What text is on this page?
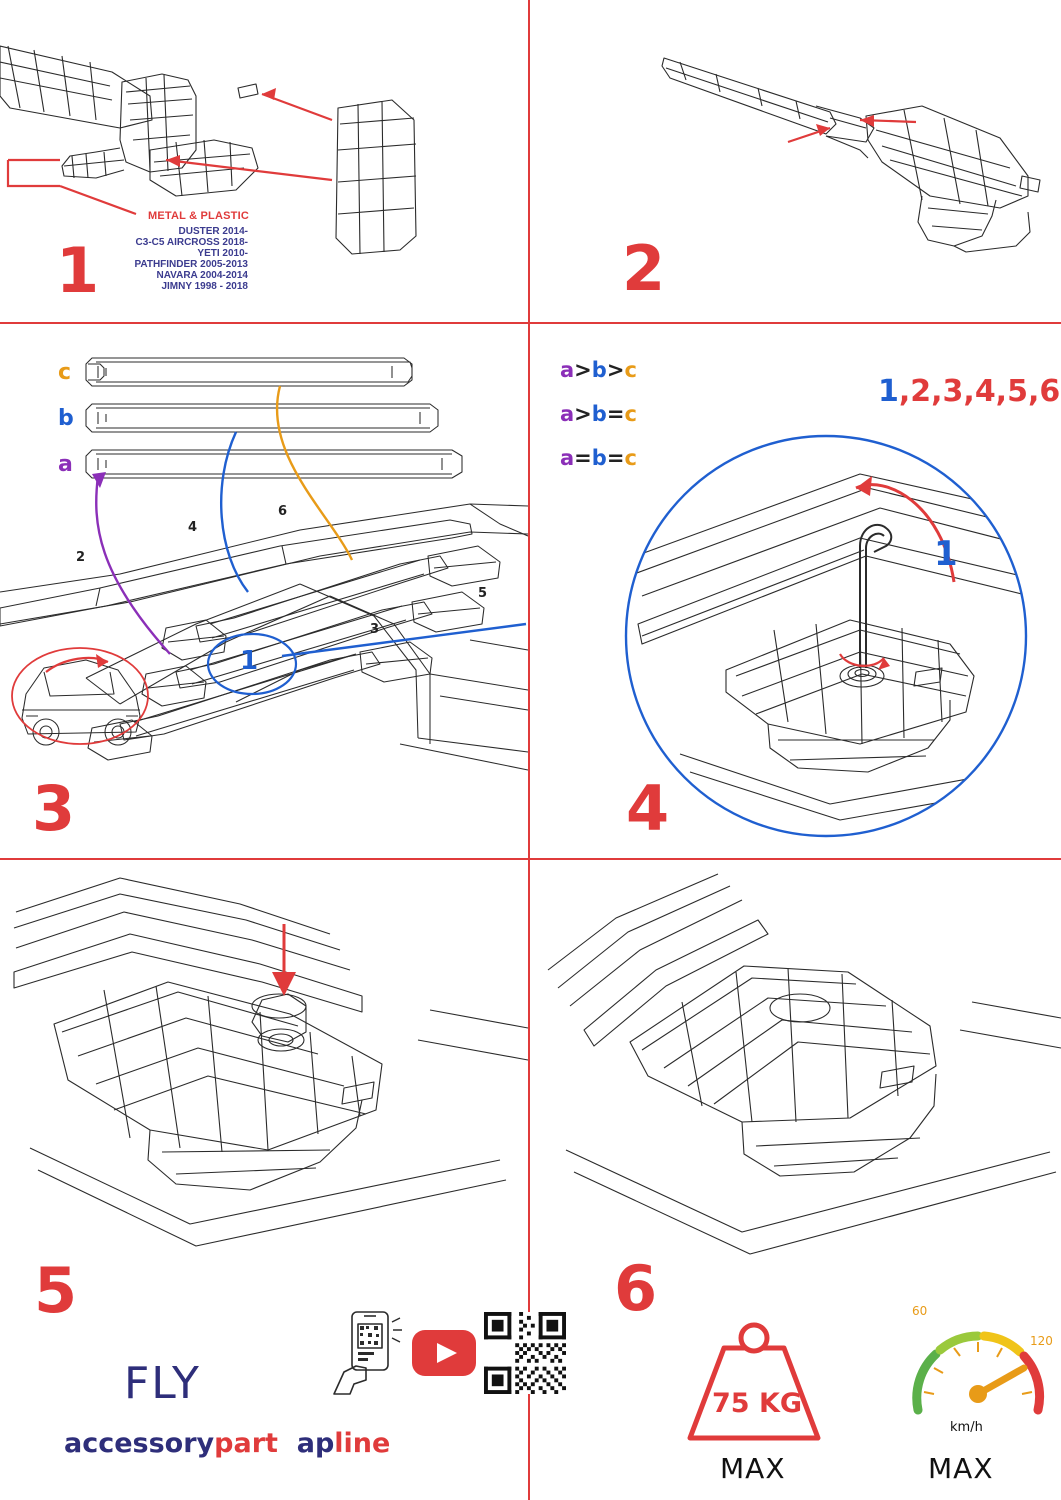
METAL & PLASTIC
DUSTER 2014-
C3-C5 AIRCROSS 2018-
YETI 2010-
PATHFINDER 2005-2013
NAVARA 2004-2014
JIMNY 1998 - 2018
1	2
c
b
a
2
4
6
5
3
1
3
a>b>c
a>b=c
a=b=c
1,2,3,4,5,6
1
4
5
FLY
accessorypart apline
6
75 KG
MAX
60
120
km/h
MAX
